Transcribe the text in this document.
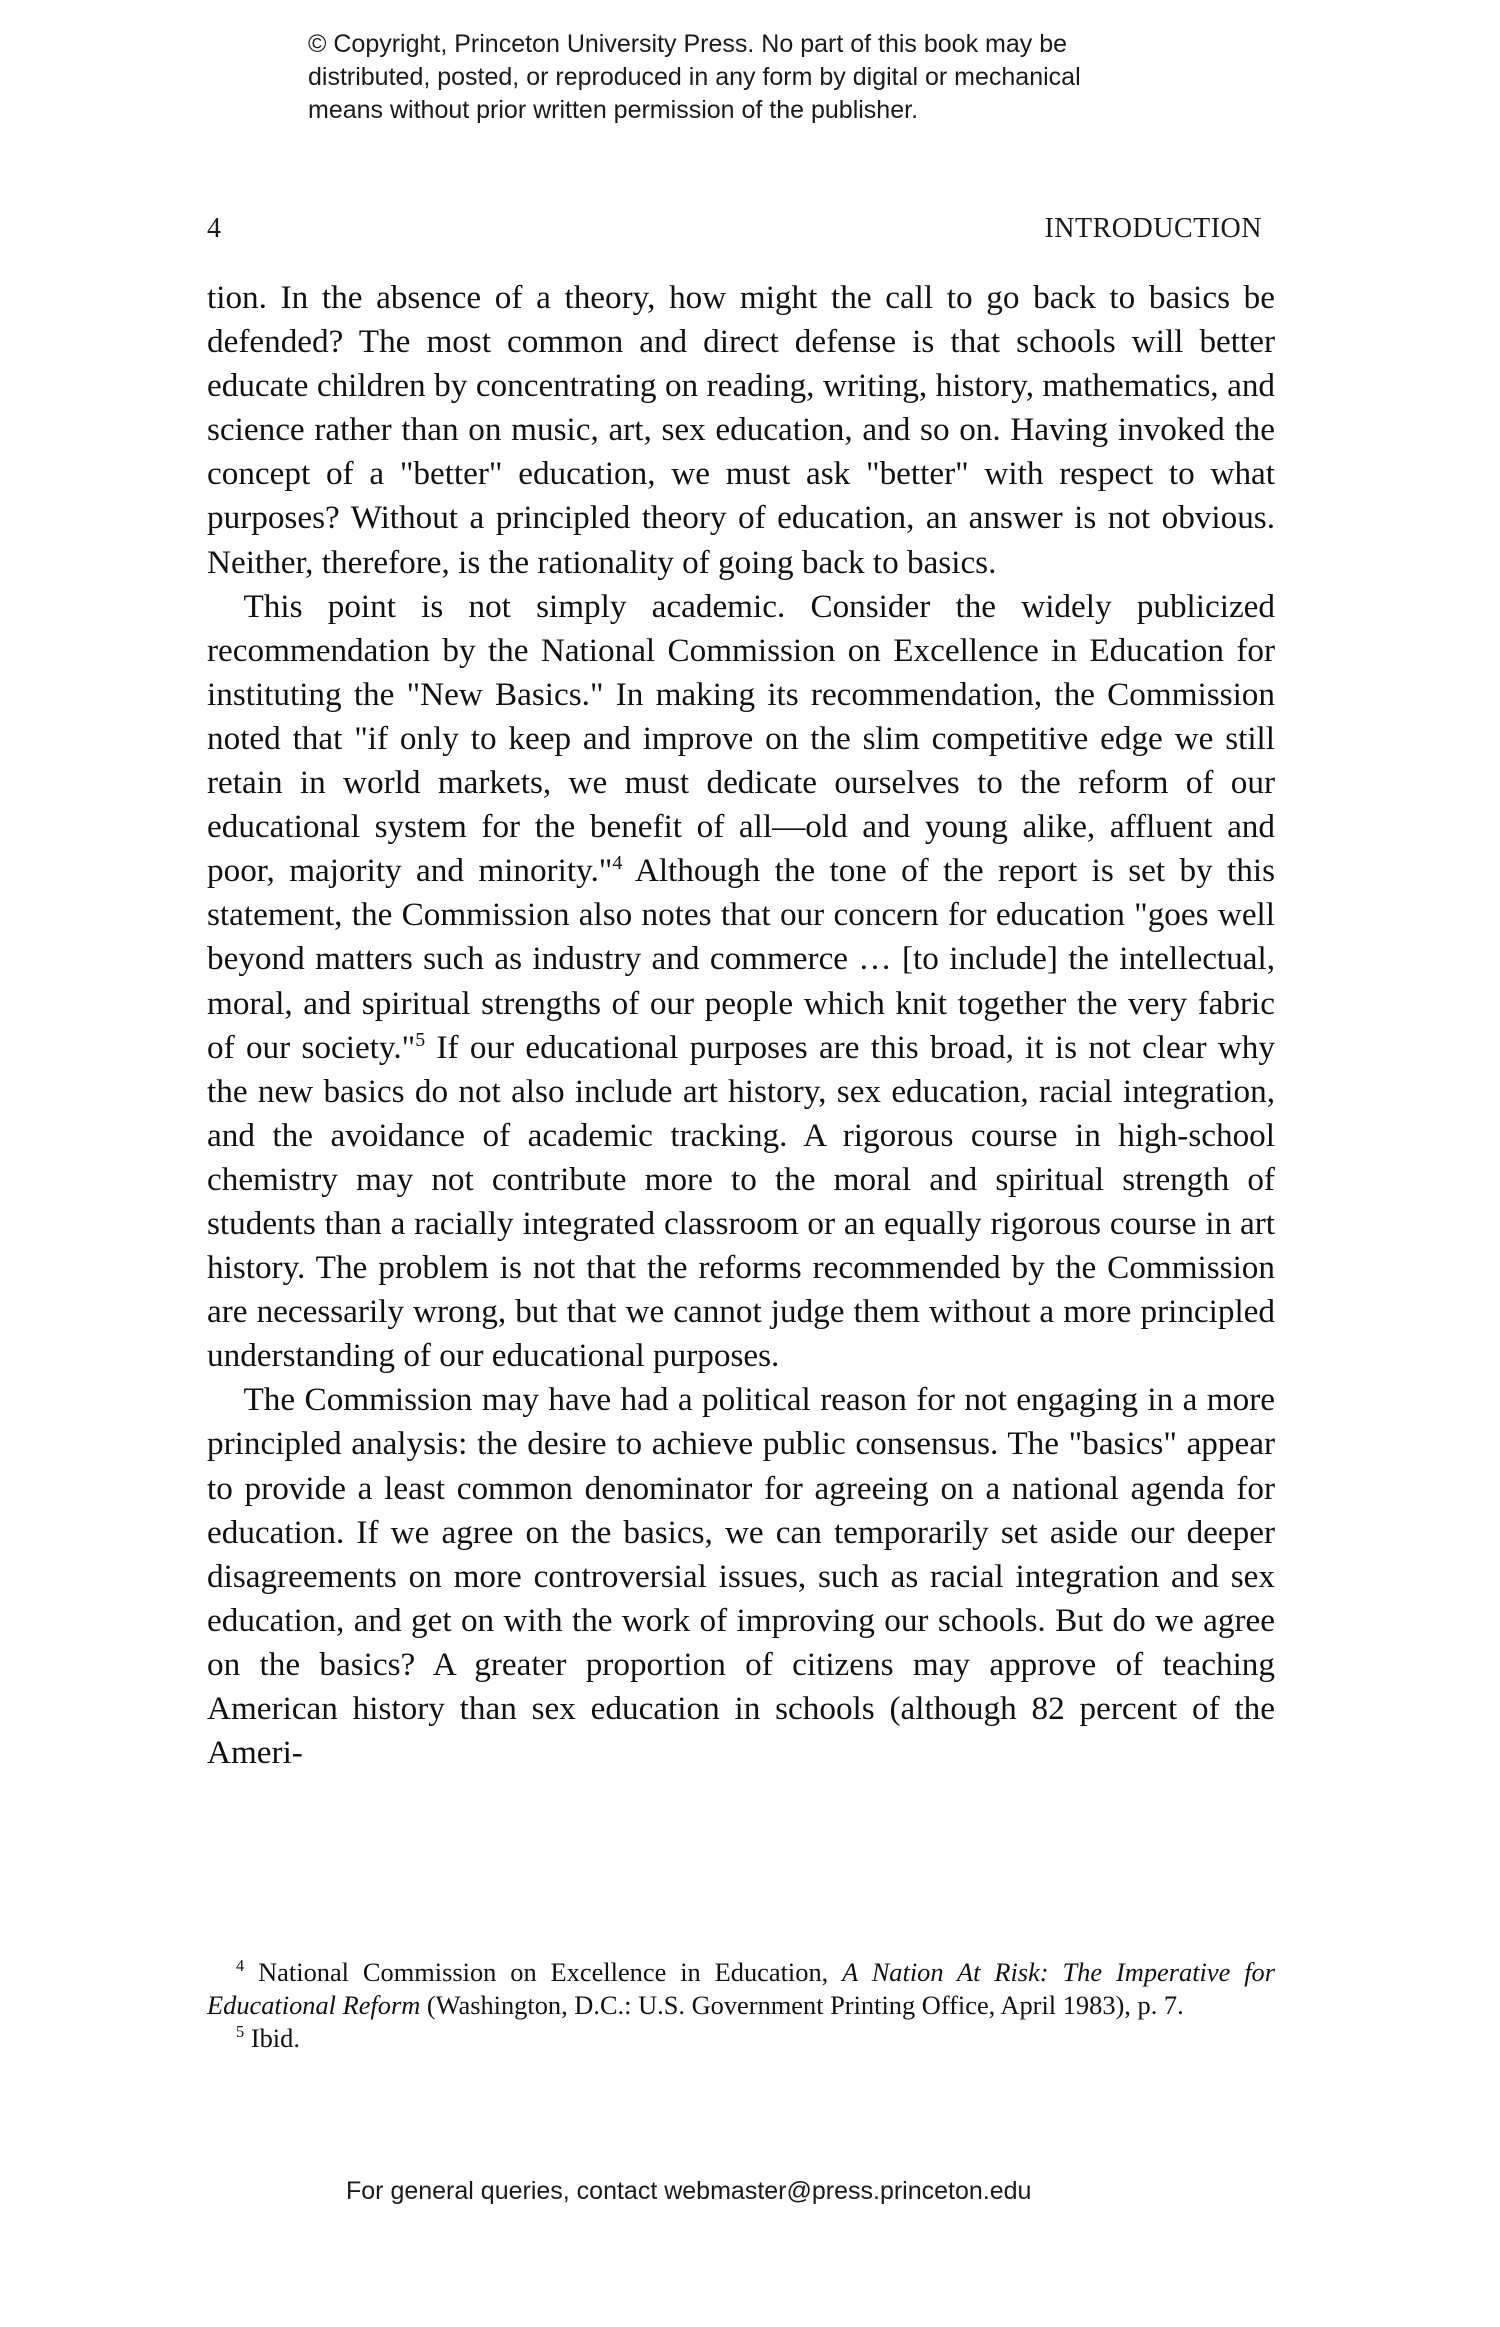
© Copyright, Princeton University Press. No part of this book may be
distributed, posted, or reproduced in any form by digital or mechanical
means without prior written permission of the publisher.
4	INTRODUCTION

tion. In the absence of a theory, how might the call to go back to basics be defended? The most common and direct defense is that schools will better educate children by concentrating on reading, writing, history, mathematics, and science rather than on music, art, sex education, and so on. Having invoked the concept of a "better" education, we must ask "better" with respect to what purposes? Without a principled theory of education, an answer is not obvious. Neither, therefore, is the rationality of going back to basics.

This point is not simply academic. Consider the widely publicized recommendation by the National Commission on Excellence in Education for instituting the "New Basics." In making its recommendation, the Commission noted that "if only to keep and improve on the slim competitive edge we still retain in world markets, we must dedicate ourselves to the reform of our educational system for the benefit of all—old and young alike, affluent and poor, majority and minority."$^4$ Although the tone of the report is set by this statement, the Commission also notes that our concern for education "goes well beyond matters such as industry and commerce … [to include] the intellectual, moral, and spiritual strengths of our people which knit together the very fabric of our society."$^5$ If our educational purposes are this broad, it is not clear why the new basics do not also include art history, sex education, racial integration, and the avoidance of academic tracking. A rigorous course in high-school chemistry may not contribute more to the moral and spiritual strength of students than a racially integrated classroom or an equally rigorous course in art history. The problem is not that the reforms recommended by the Commission are necessarily wrong, but that we cannot judge them without a more principled understanding of our educational purposes.

The Commission may have had a political reason for not engaging in a more principled analysis: the desire to achieve public consensus. The "basics" appear to provide a least common denominator for agreeing on a national agenda for education. If we agree on the basics, we can temporarily set aside our deeper disagreements on more controversial issues, such as racial integration and sex education, and get on with the work of improving our schools. But do we agree on the basics? A greater proportion of citizens may approve of teaching American history than sex education in schools (although 82 percent of the Ameri-

$^4$ National Commission on Excellence in Education, A Nation At Risk: The Imperative for Educational Reform (Washington, D.C.: U.S. Government Printing Office, April 1983), p. 7.

$^5$ Ibid.

For general queries, contact webmaster@press.princeton.edu
